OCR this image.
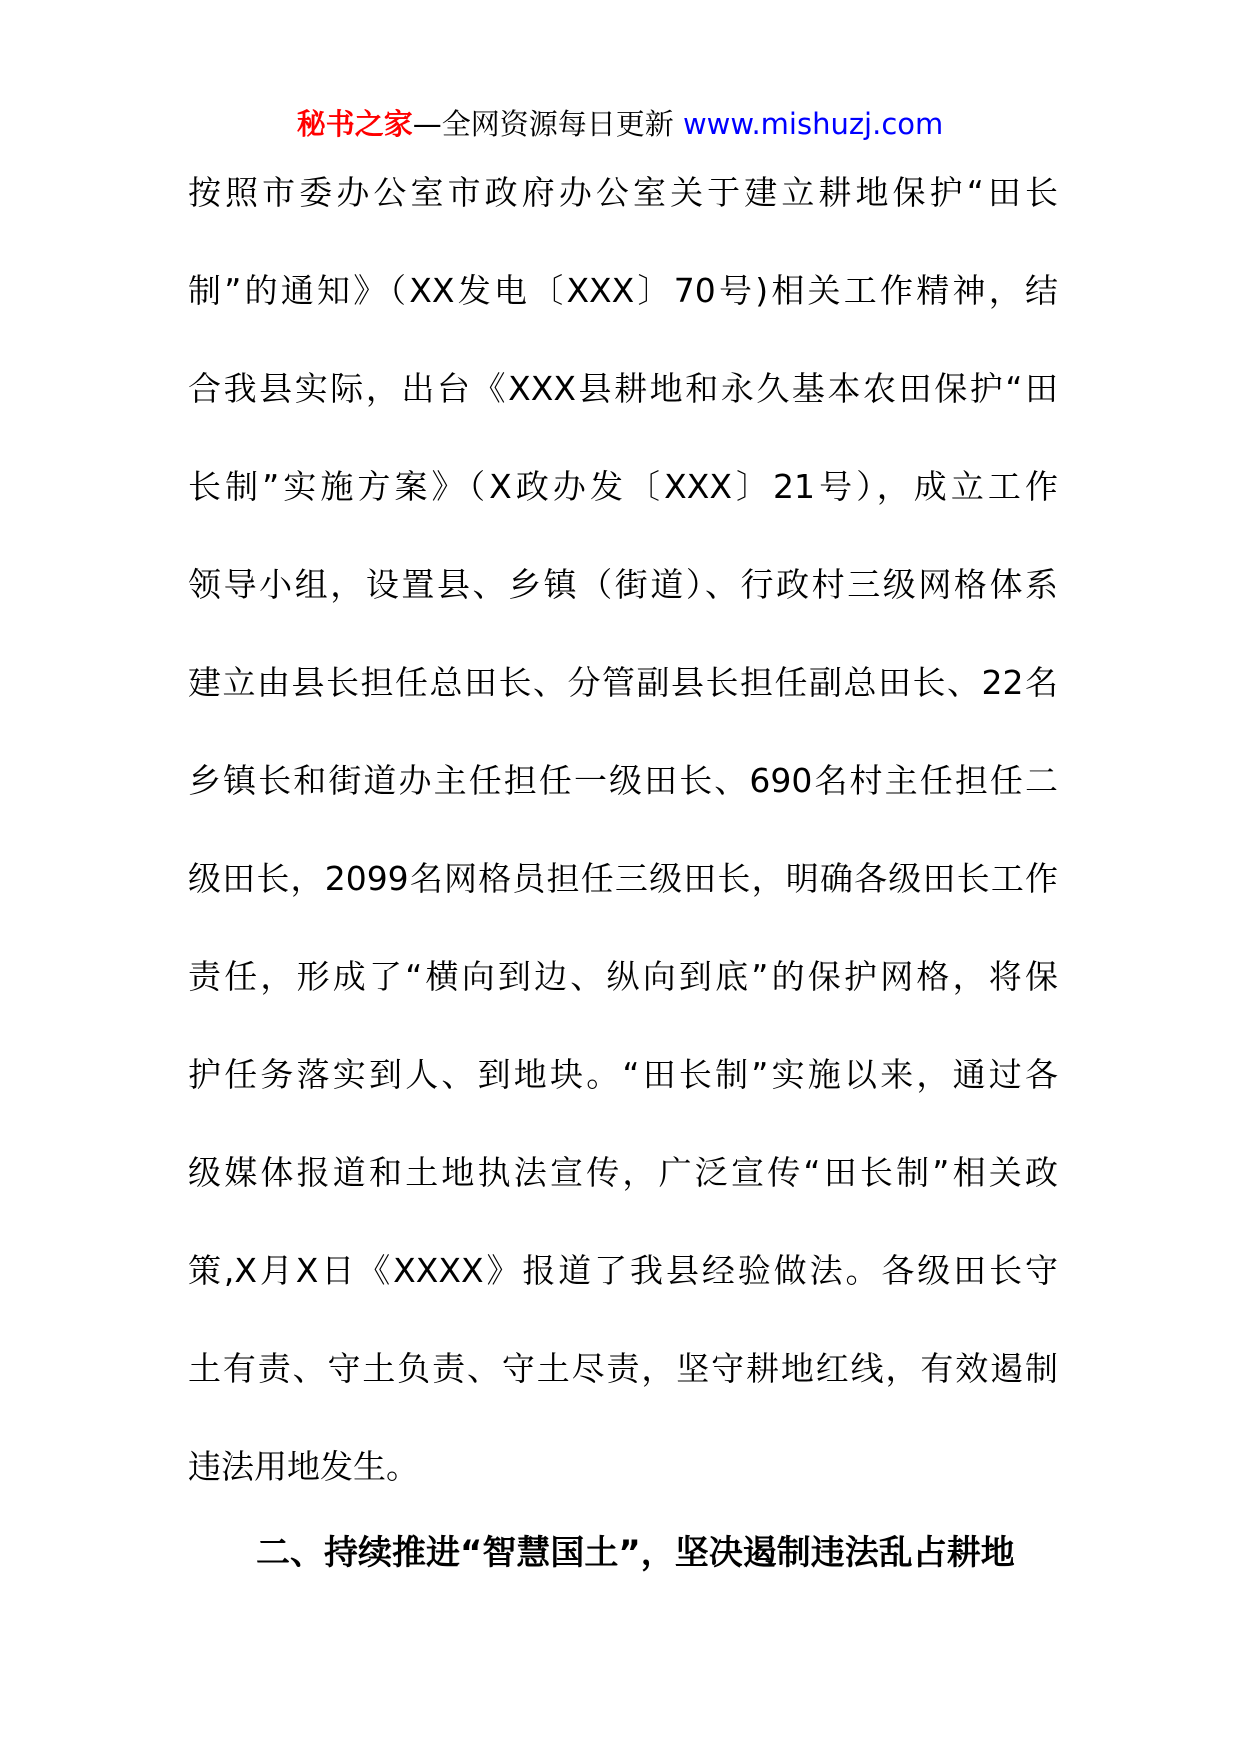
秘书之家—全网资源每日更新 www.mishuzj.com
按照市委办公室市政府办公室关于建立耕地保护“田长
制”的通知》（XX发电〔XXX〕70号)相关工作精神，结
合我县实际，出台《XXX县耕地和永久基本农田保护“田
长制”实施方案》（X政办发〔XXX〕21号），成立工作
领导小组，设置县、乡镇（街道）、行政村三级网格体系
建立由县长担任总田长、分管副县长担任副总田长、22名
乡镇长和街道办主任担任一级田长、690名村主任担任二
级田长，2099名网格员担任三级田长，明确各级田长工作
责任，形成了“横向到边、纵向到底”的保护网格，将保
护任务落实到人、到地块。“田长制”实施以来，通过各
级媒体报道和土地执法宣传，广泛宣传“田长制”相关政
策,X月X日《XXXX》报道了我县经验做法。各级田长守
土有责、守土负责、守土尽责，坚守耕地红线，有效遏制
违法用地发生。
二、持续推进“智慧国土”，坚决遏制违法乱占耕地
